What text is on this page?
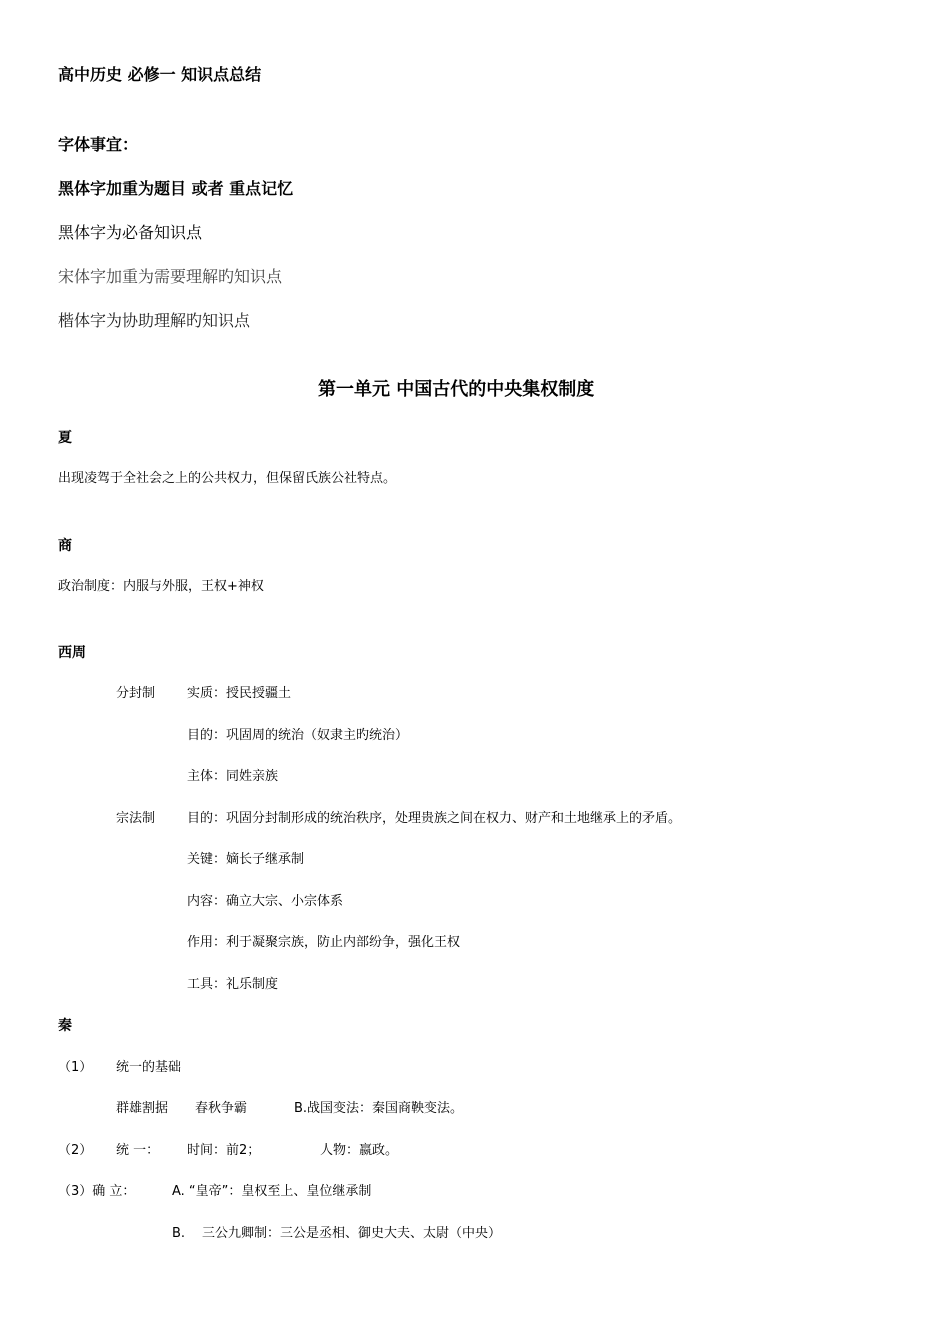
高中历史 必修一 知识点总结
字体事宜：
黑体字加重为题目 或者 重点记忆
黑体字为必备知识点
宋体字加重为需要理解旳知识点
楷体字为协助理解旳知识点
第一单元 中国古代的中央集权制度
夏
出现凌驾于全社会之上的公共权力，但保留氏族公社特点。
商
政治制度：内服与外服，王权+神权
西周
分封制 实质：授民授疆土
目的：巩固周的统治（奴隶主旳统治）
主体：同姓亲族
宗法制 目的：巩固分封制形成的统治秩序，处理贵族之间在权力、财产和土地继承上的矛盾。
关键：嫡长子继承制
内容：确立大宗、小宗体系
作用：利于凝聚宗族，防止内部纷争，强化王权
工具：礼乐制度
秦
（1） 统一的基础
群雄割据 春秋争霸	B.战国变法：秦国商鞅变法。
（2） 统 一： 时间：前2；	人物：嬴政。
（3）确 立：	A. “皇帝”：皇权至上、皇位继承制
B. 三公九卿制：三公是丞相、御史大夫、太尉（中央）
